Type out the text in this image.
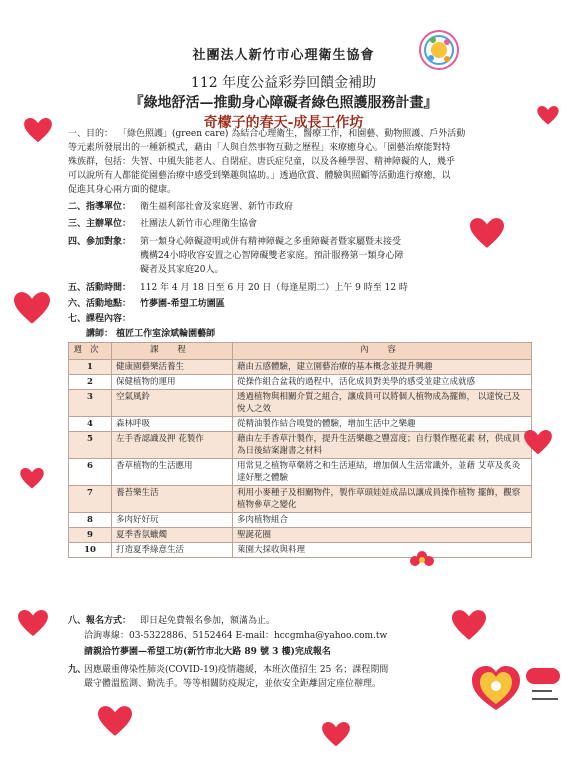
社團法人新竹市心理衛生協會
112 年度公益彩券回饋金補助
『綠地舒活—推動身心障礙者綠色照護服務計畫』
奇檬子的春天-成長工作坊
一、目的： 「綠色照護」(green care) 為結合心理衛生，醫療工作，和園藝、動物照護、戶外活動
等元素所發展出的一種新模式，藉由「人與自然事物互動之歷程」來療癒身心。「園藝治療能對特
殊族群，包括：失智、中風失能老人、自閉症、唐氏症兒童，以及各種學習、精神障礙的人，幾乎
可以說所有人都能從園藝治療中感受到樂趣與協助。」透過欣賞、體驗與照顧等活動進行療癒，以
促進其身心兩方面的健康。
二、指導單位： 衛生福利部社會及家庭署、新竹市政府
三、主辦單位： 社團法人新竹市心理衛生協會
四、參加對象： 第一類身心障礙證明或併有精神障礙之多重障礙者暨家屬暨未接受
機構24小時收容安置之心智障礙雙老家庭。預計服務第一類身心障
礙者及其家庭20人。
五、活動時間： 112 年 4 月 18 日至 6 月 20 日（每逢星期二）上午 9 時至 12 時
六、活動地點： 竹夢園-希望工坊園區
七、課程內容：
講師： 植匠工作室涂斌輪園藝師
週次	課 程	內 容
1	健康園藝樂活養生	藉由五感體驗，建立園藝治療的基本概念並提升興趣
2	保健植物的運用	從操作組合盆栽的過程中，活化成員對美學的感受並建立成就感
3	空氣風鈴	透過植物與相關介質之組合，讓成員可以將個人植物成為擺飾， 以達悅己及悅人之效
4	森林呼吸	從精油製作結合嗅覺的體驗，增加生活中之樂趣
5	左手香認識及押 花製作	藉由左手香草汁製作，提升生活樂趣之豐富度；自行製作壓花素 材，供成員為日後結案謝書之材料
6	香草植物的生活應用	用常見之植物草藥將之和生活連結，增加個人生活常識外，並藉 艾草及炙灸達好壓之體驗
7	養苔樂生活	利用小麥種子及相關物件，製作草頭娃娃成品以讓成員操作植物 擺飾，觀察植物參草之變化
8	多肉好好玩	多肉植物組合
9	夏季香氛蠟燭	聖誕花圈
10	打造夏季綠意生活	萊園大採收與料理
八、報名方式： 即日起免費報名參加，額滿為止。
洽詢專線：03-5322886、5152464 E-mail：hccgmha@yahoo.com.tw
請親洽竹夢園—希望工坊(新竹市北大路 89 號 3 樓)完成報名
九、
因應嚴重傳染性肺炎(COVID-19)疫情趨緩，本班次僅招生 25 名；課程期間
嚴守體溫監測、勤洗手。等等相關防疫規定，並依安全距離固定座位辦理。
